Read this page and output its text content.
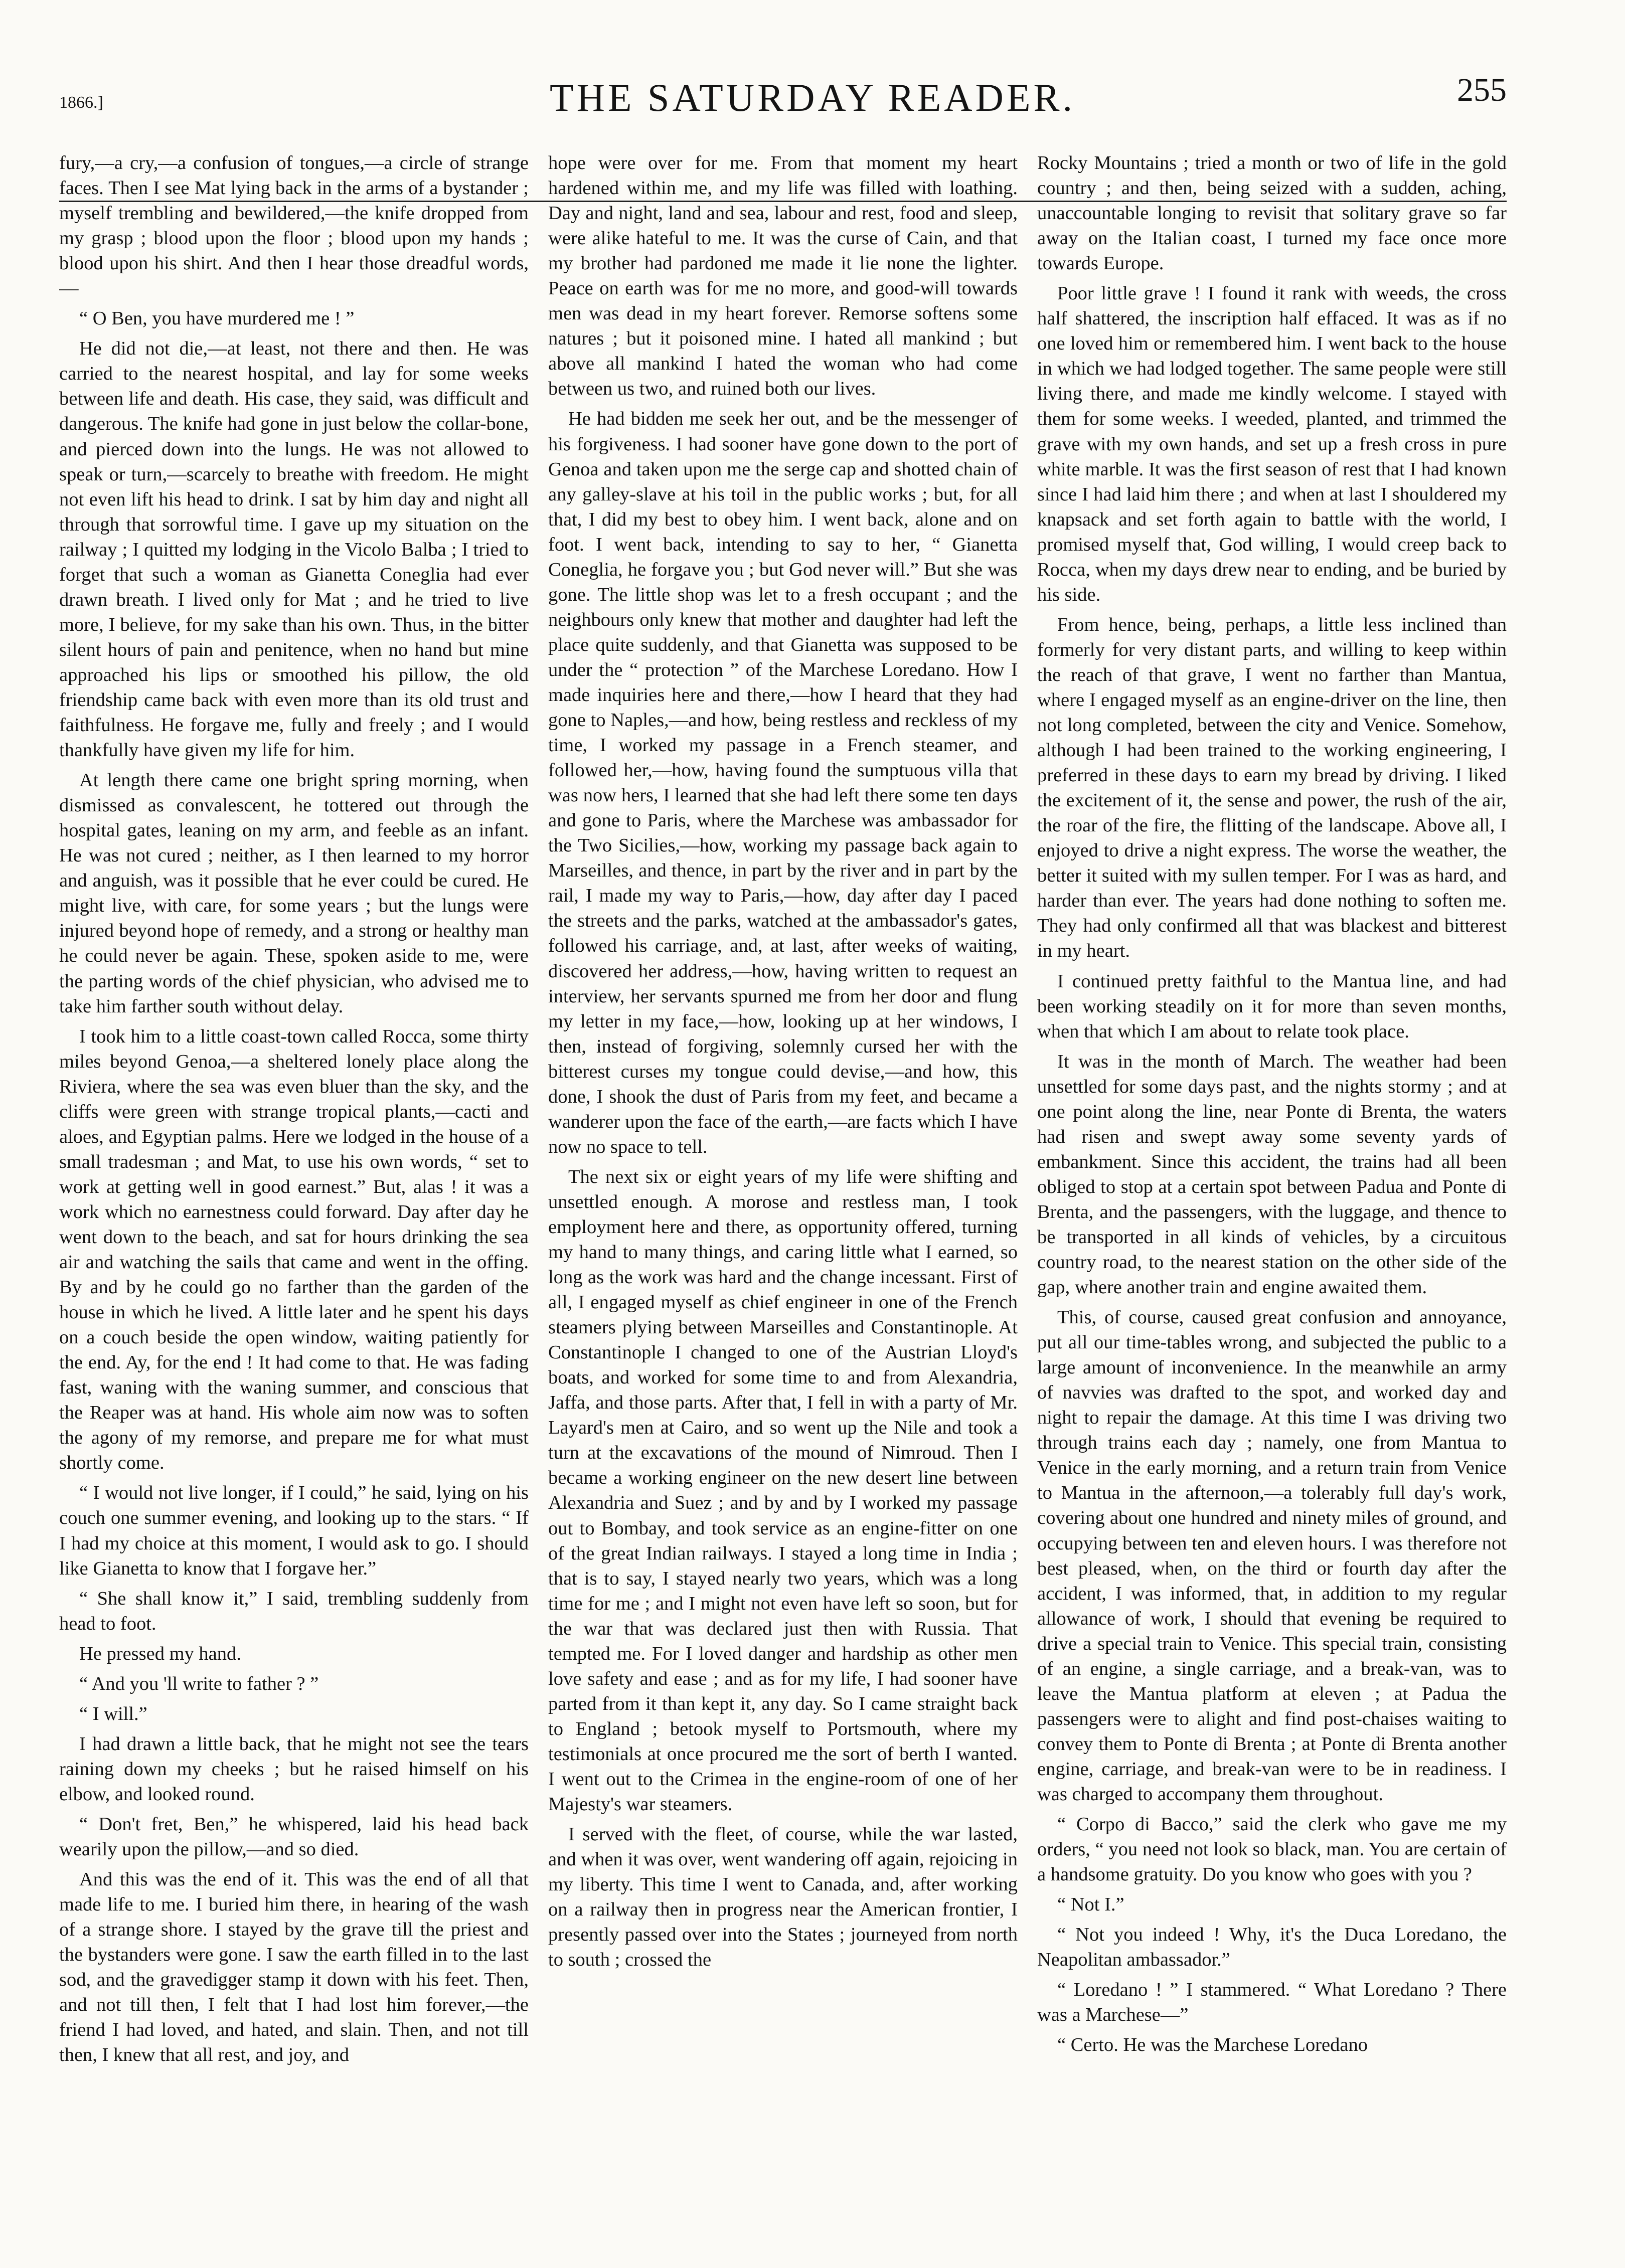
1866.]	THE SATURDAY READER.	255

fury,—a cry,—a confusion of tongues,—a circle of strange faces. Then I see Mat lying back in the arms of a bystander ; myself trembling and bewildered,—the knife dropped from my grasp ; blood upon the floor ; blood upon my hands ; blood upon his shirt. And then I hear those dreadful words,—

“ O Ben, you have murdered me ! ”

He did not die,—at least, not there and then. He was carried to the nearest hospital, and lay for some weeks between life and death. His case, they said, was difficult and dangerous. The knife had gone in just below the collar-bone, and pierced down into the lungs. He was not allowed to speak or turn,—scarcely to breathe with freedom. He might not even lift his head to drink. I sat by him day and night all through that sorrowful time. I gave up my situation on the railway ; I quitted my lodging in the Vicolo Balba ; I tried to forget that such a woman as Gianetta Coneglia had ever drawn breath. I lived only for Mat ; and he tried to live more, I believe, for my sake than his own. Thus, in the bitter silent hours of pain and penitence, when no hand but mine approached his lips or smoothed his pillow, the old friendship came back with even more than its old trust and faithfulness. He forgave me, fully and freely ; and I would thankfully have given my life for him.

At length there came one bright spring morning, when dismissed as convalescent, he tottered out through the hospital gates, leaning on my arm, and feeble as an infant. He was not cured ; neither, as I then learned to my horror and anguish, was it possible that he ever could be cured. He might live, with care, for some years ; but the lungs were injured beyond hope of remedy, and a strong or healthy man he could never be again. These, spoken aside to me, were the parting words of the chief physician, who advised me to take him farther south without delay.

I took him to a little coast-town called Rocca, some thirty miles beyond Genoa,—a sheltered lonely place along the Riviera, where the sea was even bluer than the sky, and the cliffs were green with strange tropical plants,—cacti and aloes, and Egyptian palms. Here we lodged in the house of a small tradesman ; and Mat, to use his own words, “ set to work at getting well in good earnest.” But, alas ! it was a work which no earnestness could forward. Day after day he went down to the beach, and sat for hours drinking the sea air and watching the sails that came and went in the offing. By and by he could go no farther than the garden of the house in which he lived. A little later and he spent his days on a couch beside the open window, waiting patiently for the end. Ay, for the end ! It had come to that. He was fading fast, waning with the waning summer, and conscious that the Reaper was at hand. His whole aim now was to soften the agony of my remorse, and prepare me for what must shortly come.

“ I would not live longer, if I could,” he said, lying on his couch one summer evening, and looking up to the stars. “ If I had my choice at this moment, I would ask to go. I should like Gianetta to know that I forgave her.”

“ She shall know it,” I said, trembling suddenly from head to foot.

He pressed my hand.

“ And you 'll write to father ? ”

“ I will.”

I had drawn a little back, that he might not see the tears raining down my cheeks ; but he raised himself on his elbow, and looked round.

“ Don't fret, Ben,” he whispered, laid his head back wearily upon the pillow,—and so died.

And this was the end of it. This was the end of all that made life to me. I buried him there, in hearing of the wash of a strange shore. I stayed by the grave till the priest and the bystanders were gone. I saw the earth filled in to the last sod, and the gravedigger stamp it down with his feet. Then, and not till then, I felt that I had lost him forever,—the friend I had loved, and hated, and slain. Then, and not till then, I knew that all rest, and joy, and

hope were over for me. From that moment my heart hardened within me, and my life was filled with loathing. Day and night, land and sea, labour and rest, food and sleep, were alike hateful to me. It was the curse of Cain, and that my brother had pardoned me made it lie none the lighter. Peace on earth was for me no more, and good-will towards men was dead in my heart forever. Remorse softens some natures ; but it poisoned mine. I hated all mankind ; but above all mankind I hated the woman who had come between us two, and ruined both our lives.

He had bidden me seek her out, and be the messenger of his forgiveness. I had sooner have gone down to the port of Genoa and taken upon me the serge cap and shotted chain of any galley-slave at his toil in the public works ; but, for all that, I did my best to obey him. I went back, alone and on foot. I went back, intending to say to her, “ Gianetta Coneglia, he forgave you ; but God never will.” But she was gone. The little shop was let to a fresh occupant ; and the neighbours only knew that mother and daughter had left the place quite suddenly, and that Gianetta was supposed to be under the “ protection ” of the Marchese Loredano. How I made inquiries here and there,—how I heard that they had gone to Naples,—and how, being restless and reckless of my time, I worked my passage in a French steamer, and followed her,—how, having found the sumptuous villa that was now hers, I learned that she had left there some ten days and gone to Paris, where the Marchese was ambassador for the Two Sicilies,—how, working my passage back again to Marseilles, and thence, in part by the river and in part by the rail, I made my way to Paris,—how, day after day I paced the streets and the parks, watched at the ambassador's gates, followed his carriage, and, at last, after weeks of waiting, discovered her address,—how, having written to request an interview, her servants spurned me from her door and flung my letter in my face,—how, looking up at her windows, I then, instead of forgiving, solemnly cursed her with the bitterest curses my tongue could devise,—and how, this done, I shook the dust of Paris from my feet, and became a wanderer upon the face of the earth,—are facts which I have now no space to tell.

The next six or eight years of my life were shifting and unsettled enough. A morose and restless man, I took employment here and there, as opportunity offered, turning my hand to many things, and caring little what I earned, so long as the work was hard and the change incessant. First of all, I engaged myself as chief engineer in one of the French steamers plying between Marseilles and Constantinople. At Constantinople I changed to one of the Austrian Lloyd's boats, and worked for some time to and from Alexandria, Jaffa, and those parts. After that, I fell in with a party of Mr. Layard's men at Cairo, and so went up the Nile and took a turn at the excavations of the mound of Nimroud. Then I became a working engineer on the new desert line between Alexandria and Suez ; and by and by I worked my passage out to Bombay, and took service as an engine-fitter on one of the great Indian railways. I stayed a long time in India ; that is to say, I stayed nearly two years, which was a long time for me ; and I might not even have left so soon, but for the war that was declared just then with Russia. That tempted me. For I loved danger and hardship as other men love safety and ease ; and as for my life, I had sooner have parted from it than kept it, any day. So I came straight back to England ; betook myself to Portsmouth, where my testimonials at once procured me the sort of berth I wanted. I went out to the Crimea in the engine-room of one of her Majesty's war steamers.

I served with the fleet, of course, while the war lasted, and when it was over, went wandering off again, rejoicing in my liberty. This time I went to Canada, and, after working on a railway then in progress near the American frontier, I presently passed over into the States ; journeyed from north to south ; crossed the

Rocky Mountains ; tried a month or two of life in the gold country ; and then, being seized with a sudden, aching, unaccountable longing to revisit that solitary grave so far away on the Italian coast, I turned my face once more towards Europe.

Poor little grave ! I found it rank with weeds, the cross half shattered, the inscription half effaced. It was as if no one loved him or remembered him. I went back to the house in which we had lodged together. The same people were still living there, and made me kindly welcome. I stayed with them for some weeks. I weeded, planted, and trimmed the grave with my own hands, and set up a fresh cross in pure white marble. It was the first season of rest that I had known since I had laid him there ; and when at last I shouldered my knapsack and set forth again to battle with the world, I promised myself that, God willing, I would creep back to Rocca, when my days drew near to ending, and be buried by his side.

From hence, being, perhaps, a little less inclined than formerly for very distant parts, and willing to keep within the reach of that grave, I went no farther than Mantua, where I engaged myself as an engine-driver on the line, then not long completed, between the city and Venice. Somehow, although I had been trained to the working engineering, I preferred in these days to earn my bread by driving. I liked the excitement of it, the sense and power, the rush of the air, the roar of the fire, the flitting of the landscape. Above all, I enjoyed to drive a night express. The worse the weather, the better it suited with my sullen temper. For I was as hard, and harder than ever. The years had done nothing to soften me. They had only confirmed all that was blackest and bitterest in my heart.

I continued pretty faithful to the Mantua line, and had been working steadily on it for more than seven months, when that which I am about to relate took place.

It was in the month of March. The weather had been unsettled for some days past, and the nights stormy ; and at one point along the line, near Ponte di Brenta, the waters had risen and swept away some seventy yards of embankment. Since this accident, the trains had all been obliged to stop at a certain spot between Padua and Ponte di Brenta, and the passengers, with the luggage, and thence to be transported in all kinds of vehicles, by a circuitous country road, to the nearest station on the other side of the gap, where another train and engine awaited them.

This, of course, caused great confusion and annoyance, put all our time-tables wrong, and subjected the public to a large amount of inconvenience. In the meanwhile an army of navvies was drafted to the spot, and worked day and night to repair the damage. At this time I was driving two through trains each day ; namely, one from Mantua to Venice in the early morning, and a return train from Venice to Mantua in the afternoon,—a tolerably full day's work, covering about one hundred and ninety miles of ground, and occupying between ten and eleven hours. I was therefore not best pleased, when, on the third or fourth day after the accident, I was informed, that, in addition to my regular allowance of work, I should that evening be required to drive a special train to Venice. This special train, consisting of an engine, a single carriage, and a break-van, was to leave the Mantua platform at eleven ; at Padua the passengers were to alight and find post-chaises waiting to convey them to Ponte di Brenta ; at Ponte di Brenta another engine, carriage, and break-van were to be in readiness. I was charged to accompany them throughout.

“ Corpo di Bacco,” said the clerk who gave me my orders, “ you need not look so black, man. You are certain of a handsome gratuity. Do you know who goes with you ?

“ Not I.”

“ Not you indeed ! Why, it's the Duca Loredano, the Neapolitan ambassador.”

“ Loredano ! ” I stammered. “ What Loredano ? There was a Marchese—”

“ Certo. He was the Marchese Loredano
